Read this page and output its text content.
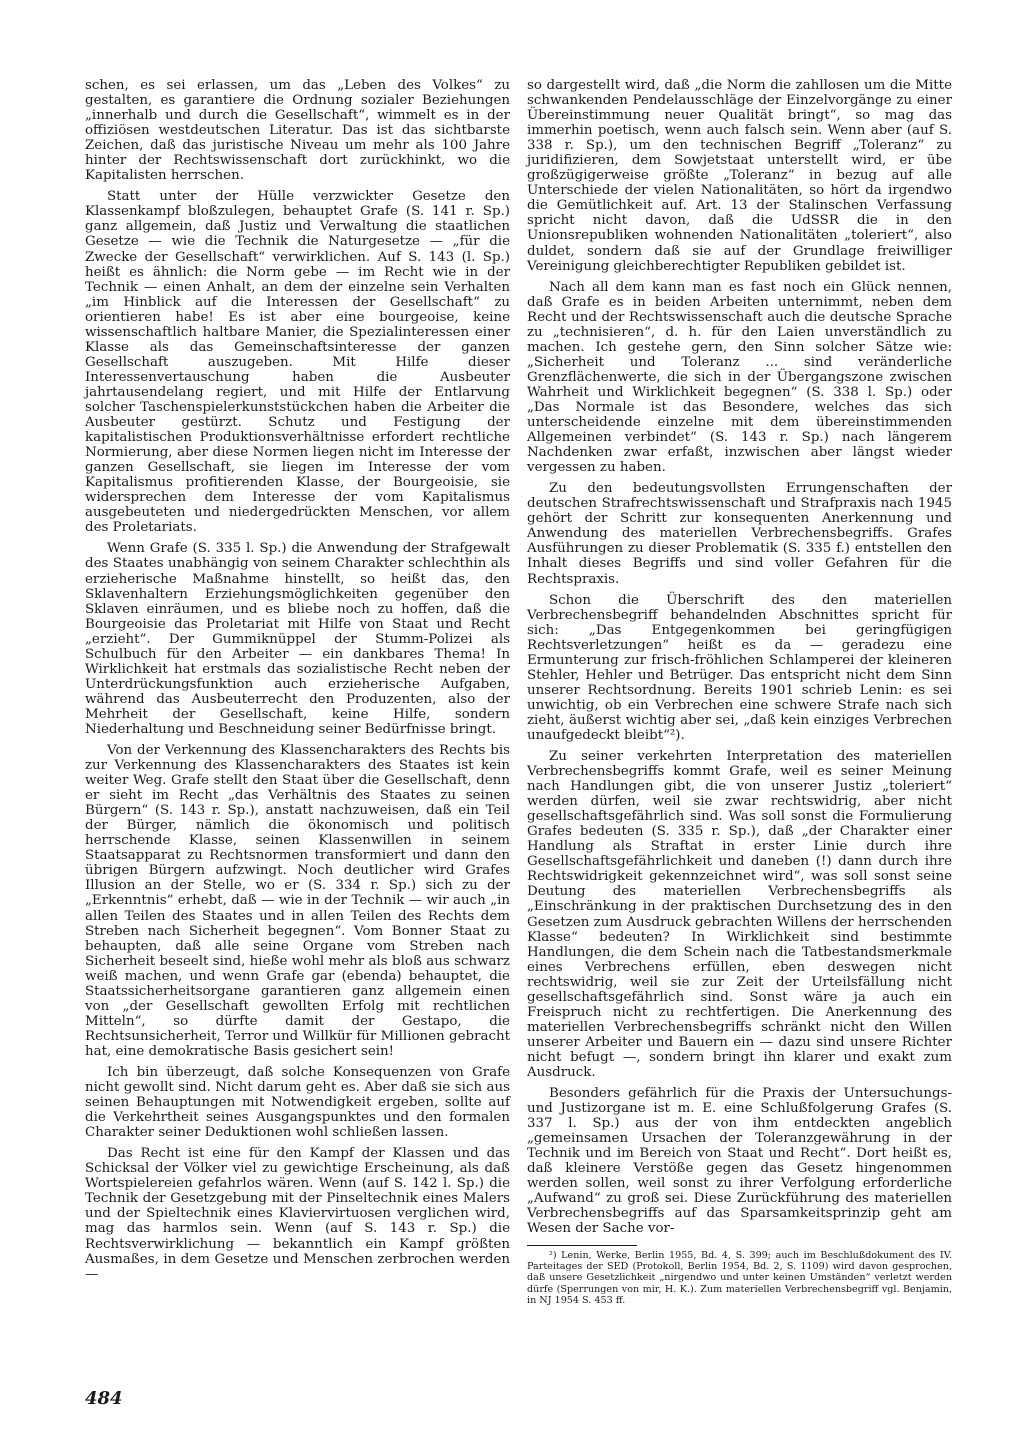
schen, es sei erlassen, um das „Leben des Volkes“ zu gestalten, es garantiere die Ordnung sozialer Beziehungen „innerhalb und durch die Gesellschaft“, wimmelt es in der offiziösen westdeutschen Literatur. Das ist das sichtbarste Zeichen, daß das juristische Niveau um mehr als 100 Jahre hinter der Rechtswissenschaft dort zurückhinkt, wo die Kapitalisten herrschen.

Statt unter der Hülle verzwickter Gesetze den Klassenkampf bloßzulegen, behauptet Grafe (S. 141 r. Sp.) ganz allgemein, daß Justiz und Verwaltung die staatlichen Gesetze — wie die Technik die Naturgesetze — „für die Zwecke der Gesellschaft“ verwirklichen. Auf S. 143 (l. Sp.) heißt es ähnlich: die Norm gebe — im Recht wie in der Technik — einen Anhalt, an dem der einzelne sein Verhalten „im Hinblick auf die Interessen der Gesellschaft“ zu orientieren habe! Es ist aber eine bourgeoise, keine wissenschaftlich haltbare Manier, die Spezialinteressen einer Klasse als das Gemeinschaftsinteresse der ganzen Gesellschaft auszugeben. Mit Hilfe dieser Interessenvertauschung haben die Ausbeuter jahrtausendelang regiert, und mit Hilfe der Entlarvung solcher Taschenspielerkunststückchen haben die Arbeiter die Ausbeuter gestürzt. Schutz und Festigung der kapitalistischen Produktionsverhältnisse erfordert rechtliche Normierung, aber diese Normen liegen nicht im Interesse der ganzen Gesellschaft, sie liegen im Interesse der vom Kapitalismus profitierenden Klasse, der Bourgeoisie, sie widersprechen dem Interesse der vom Kapitalismus ausgebeuteten und niedergedrückten Menschen, vor allem des Proletariats.

Wenn Grafe (S. 335 l. Sp.) die Anwendung der Strafgewalt des Staates unabhängig von seinem Charakter schlechthin als erzieherische Maßnahme hinstellt, so heißt das, den Sklavenhaltern Erziehungsmöglichkeiten gegenüber den Sklaven einräumen, und es bliebe noch zu hoffen, daß die Bourgeoisie das Proletariat mit Hilfe von Staat und Recht „erzieht“. Der Gummiknüppel der Stumm-Polizei als Schulbuch für den Arbeiter — ein dankbares Thema! In Wirklichkeit hat erstmals das sozialistische Recht neben der Unterdrückungsfunktion auch erzieherische Aufgaben, während das Ausbeuterrecht den Produzenten, also der Mehrheit der Gesellschaft, keine Hilfe, sondern Niederhaltung und Beschneidung seiner Bedürfnisse bringt.

Von der Verkennung des Klassencharakters des Rechts bis zur Verkennung des Klassencharakters des Staates ist kein weiter Weg. Grafe stellt den Staat über die Gesellschaft, denn er sieht im Recht „das Verhältnis des Staates zu seinen Bürgern“ (S. 143 r. Sp.), anstatt nachzuweisen, daß ein Teil der Bürger, nämlich die ökonomisch und politisch herrschende Klasse, seinen Klassenwillen in seinem Staatsapparat zu Rechtsnormen transformiert und dann den übrigen Bürgern aufzwingt. Noch deutlicher wird Grafes Illusion an der Stelle, wo er (S. 334 r. Sp.) sich zu der „Erkenntnis“ erhebt, daß — wie in der Technik — wir auch „in allen Teilen des Staates und in allen Teilen des Rechts dem Streben nach Sicherheit begegnen“. Vom Bonner Staat zu behaupten, daß alle seine Organe vom Streben nach Sicherheit beseelt sind, hieße wohl mehr als bloß aus schwarz weiß machen, und wenn Grafe gar (ebenda) behauptet, die Staatssicherheitsorgane garantieren ganz allgemein einen von „der Gesellschaft gewollten Erfolg mit rechtlichen Mitteln“, so dürfte damit der Gestapo, die Rechtsunsicherheit, Terror und Willkür für Millionen gebracht hat, eine demokratische Basis gesichert sein!

Ich bin überzeugt, daß solche Konsequenzen von Grafe nicht gewollt sind. Nicht darum geht es. Aber daß sie sich aus seinen Behauptungen mit Notwendigkeit ergeben, sollte auf die Verkehrtheit seines Ausgangspunktes und den formalen Charakter seiner Deduktionen wohl schließen lassen.

Das Recht ist eine für den Kampf der Klassen und das Schicksal der Völker viel zu gewichtige Erscheinung, als daß Wortspielereien gefahrlos wären. Wenn (auf S. 142 l. Sp.) die Technik der Gesetzgebung mit der Pinseltechnik eines Malers und der Spieltechnik eines Klaviervirtuosen verglichen wird, mag das harmlos sein. Wenn (auf S. 143 r. Sp.) die Rechtsverwirklichung — bekanntlich ein Kampf größten Ausmaßes, in dem Gesetze und Menschen zerbrochen werden —

so dargestellt wird, daß „die Norm die zahllosen um die Mitte schwankenden Pendelausschläge der Einzelvorgänge zu einer Übereinstimmung neuer Qualität bringt“, so mag das immerhin poetisch, wenn auch falsch sein. Wenn aber (auf S. 338 r. Sp.), um den technischen Begriff „Toleranz“ zu juridifizieren, dem Sowjetstaat unterstellt wird, er übe großzügigerweise größte „Toleranz“ in bezug auf alle Unterschiede der vielen Nationalitäten, so hört da irgendwo die Gemütlichkeit auf. Art. 13 der Stalinschen Verfassung spricht nicht davon, daß die UdSSR die in den Unionsrepubliken wohnenden Nationalitäten „toleriert“, also duldet, sondern daß sie auf der Grundlage freiwilliger Vereinigung gleichberechtigter Republiken gebildet ist.

Nach all dem kann man es fast noch ein Glück nennen, daß Grafe es in beiden Arbeiten unternimmt, neben dem Recht und der Rechtswissenschaft auch die deutsche Sprache zu „technisieren“, d. h. für den Laien unverständlich zu machen. Ich gestehe gern, den Sinn solcher Sätze wie: „Sicherheit und Toleranz ... sind veränderliche Grenzflächenwerte, die sich in der Übergangszone zwischen Wahrheit und Wirklichkeit begegnen“ (S. 338 l. Sp.) oder „Das Normale ist das Besondere, welches das sich unterscheidende einzelne mit dem übereinstimmenden Allgemeinen verbindet“ (S. 143 r. Sp.) nach längerem Nachdenken zwar erfaßt, inzwischen aber längst wieder vergessen zu haben.

Zu den bedeutungsvollsten Errungenschaften der deutschen Strafrechtswissenschaft und Strafpraxis nach 1945 gehört der Schritt zur konsequenten Anerkennung und Anwendung des materiellen Verbrechensbegriffs. Grafes Ausführungen zu dieser Problematik (S. 335 f.) entstellen den Inhalt dieses Begriffs und sind voller Gefahren für die Rechtspraxis.

Schon die Überschrift des den materiellen Verbrechensbegriff behandelnden Abschnittes spricht für sich: „Das Entgegenkommen bei geringfügigen Rechtsverletzungen“ heißt es da — geradezu eine Ermunterung zur frisch-fröhlichen Schlamperei der kleineren Stehler, Hehler und Betrüger. Das entspricht nicht dem Sinn unserer Rechtsordnung. Bereits 1901 schrieb Lenin: es sei unwichtig, ob ein Verbrechen eine schwere Strafe nach sich zieht, äußerst wichtig aber sei, „daß kein einziges Verbrechen unaufgedeckt bleibt“²).

Zu seiner verkehrten Interpretation des materiellen Verbrechensbegriffs kommt Grafe, weil es seiner Meinung nach Handlungen gibt, die von unserer Justiz „toleriert“ werden dürfen, weil sie zwar rechtswidrig, aber nicht gesellschaftsgefährlich sind. Was soll sonst die Formulierung Grafes bedeuten (S. 335 r. Sp.), daß „der Charakter einer Handlung als Straftat in erster Linie durch ihre Gesellschaftsgefährlichkeit und daneben (!) dann durch ihre Rechtswidrigkeit gekennzeichnet wird“, was soll sonst seine Deutung des materiellen Verbrechensbegriffs als „Einschränkung in der praktischen Durchsetzung des in den Gesetzen zum Ausdruck gebrachten Willens der herrschenden Klasse“ bedeuten? In Wirklichkeit sind bestimmte Handlungen, die dem Schein nach die Tatbestandsmerkmale eines Verbrechens erfüllen, eben deswegen nicht rechtswidrig, weil sie zur Zeit der Urteilsfällung nicht gesellschaftsgefährlich sind. Sonst wäre ja auch ein Freispruch nicht zu rechtfertigen. Die Anerkennung des materiellen Verbrechensbegriffs schränkt nicht den Willen unserer Arbeiter und Bauern ein — dazu sind unsere Richter nicht befugt —, sondern bringt ihn klarer und exakt zum Ausdruck.

Besonders gefährlich für die Praxis der Untersuchungs- und Justizorgane ist m. E. eine Schlußfolgerung Grafes (S. 337 l. Sp.) aus der von ihm entdeckten angeblich „gemeinsamen Ursachen der Toleranzgewährung in der Technik und im Bereich von Staat und Recht“. Dort heißt es, daß kleinere Verstöße gegen das Gesetz hingenommen werden sollen, weil sonst zu ihrer Verfolgung erforderliche „Aufwand“ zu groß sei. Diese Zurückführung des materiellen Verbrechensbegriffs auf das Sparsamkeitsprinzip geht am Wesen der Sache vor-

²) Lenin, Werke, Berlin 1955, Bd. 4, S. 399; auch im Beschlußdokument des IV. Parteitages der SED (Protokoll, Berlin 1954, Bd. 2, S. 1109) wird davon gesprochen, daß unsere Gesetzlichkeit „nirgendwo und unter keinen Umständen“ verletzt werden dürfe (Sperrungen von mir, H. K.). Zum materiellen Verbrechensbegriff vgl. Benjamin, in NJ 1954 S. 453 ff.

484
